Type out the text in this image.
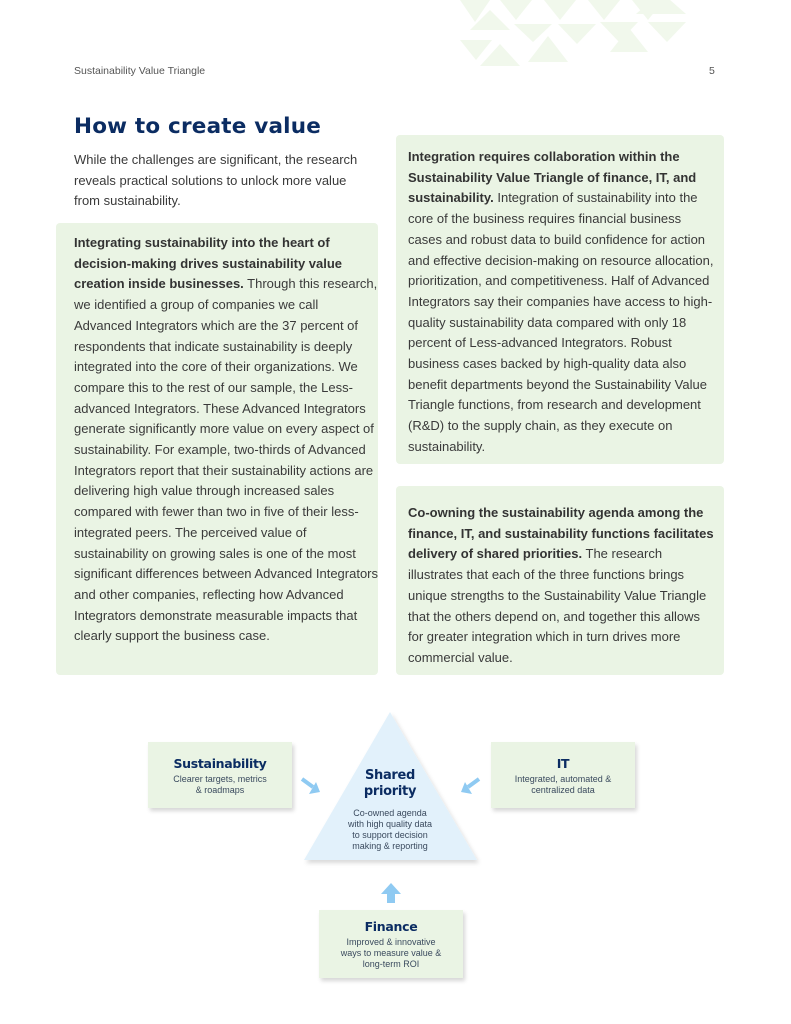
Sustainability Value Triangle	5
How to create value

While the challenges are significant, the research reveals practical solutions to unlock more value from sustainability.

Integrating sustainability into the heart of decision-making drives sustainability value creation inside businesses. Through this research, we identified a group of companies we call Advanced Integrators which are the 37 percent of respondents that indicate sustainability is deeply integrated into the core of their organizations. We compare this to the rest of our sample, the Less-advanced Integrators. These Advanced Integrators generate significantly more value on every aspect of sustainability. For example, two-thirds of Advanced Integrators report that their sustainability actions are delivering high value through increased sales compared with fewer than two in five of their less-integrated peers. The perceived value of sustainability on growing sales is one of the most significant differences between Advanced Integrators and other companies, reflecting how Advanced Integrators demonstrate measurable impacts that clearly support the business case.

Integration requires collaboration within the Sustainability Value Triangle of finance, IT, and sustainability. Integration of sustainability into the core of the business requires financial business cases and robust data to build confidence for action and effective decision-making on resource allocation, prioritization, and competitiveness. Half of Advanced Integrators say their companies have access to high-quality sustainability data compared with only 18 percent of Less-advanced Integrators. Robust business cases backed by high-quality data also benefit departments beyond the Sustainability Value Triangle functions, from research and development (R&D) to the supply chain, as they execute on sustainability.

Co-owning the sustainability agenda among the finance, IT, and sustainability functions facilitates delivery of shared priorities. The research illustrates that each of the three functions brings unique strengths to the Sustainability Value Triangle that the others depend on, and together this allows for greater integration which in turn drives more commercial value.

Shared
priority
Co-owned agenda
with high quality data
to support decision
making & reporting
Sustainability
Clearer targets, metrics
& roadmaps
IT
Integrated, automated &
centralized data
Finance
Improved & innovative
ways to measure value &
long-term ROI
